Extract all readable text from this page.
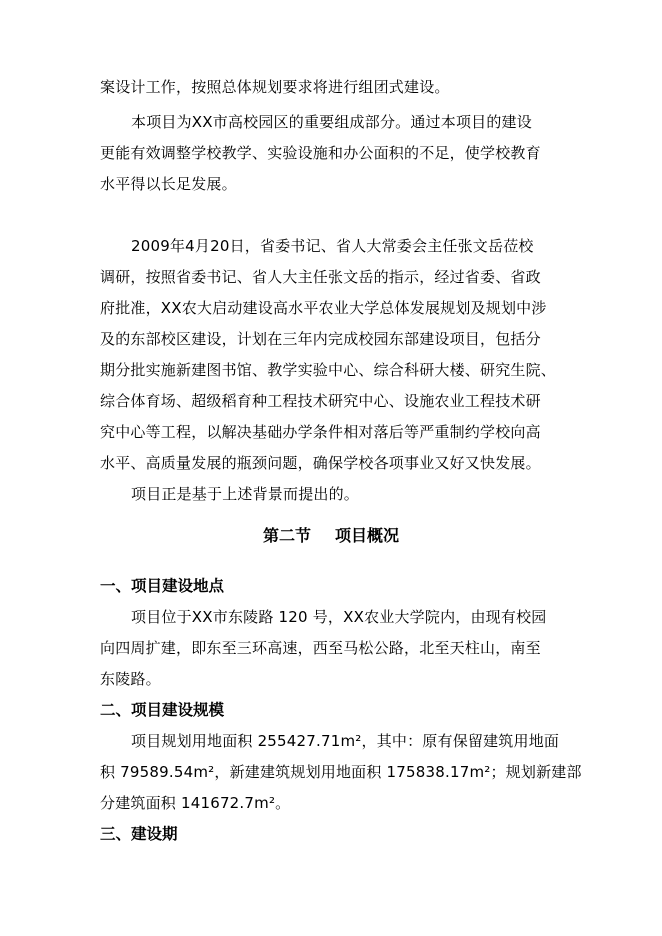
案设计工作，按照总体规划要求将进行组团式建设。
本项目为XX市高校园区的重要组成部分。通过本项目的建设
更能有效调整学校教学、实验设施和办公面积的不足，使学校教育
水平得以长足发展。
2009年4月20日，省委书记、省人大常委会主任张文岳莅校
调研，按照省委书记、省人大主任张文岳的指示，经过省委、省政
府批准，XX农大启动建设高水平农业大学总体发展规划及规划中涉
及的东部校区建设，计划在三年内完成校园东部建设项目，包括分
期分批实施新建图书馆、教学实验中心、综合科研大楼、研究生院、
综合体育场、超级稻育种工程技术研究中心、设施农业工程技术研
究中心等工程，以解决基础办学条件相对落后等严重制约学校向高
水平、高质量发展的瓶颈问题，确保学校各项事业又好又快发展。
项目正是基于上述背景而提出的。
第二节 项目概况
一、项目建设地点
项目位于XX市东陵路 120 号，XX农业大学院内，由现有校园
向四周扩建，即东至三环高速，西至马松公路，北至天柱山，南至
东陵路。
二、项目建设规模
项目规划用地面积 255427.71m²，其中：原有保留建筑用地面
积 79589.54m²，新建建筑规划用地面积 175838.17m²；规划新建部
分建筑面积 141672.7m²。
三、建设期
